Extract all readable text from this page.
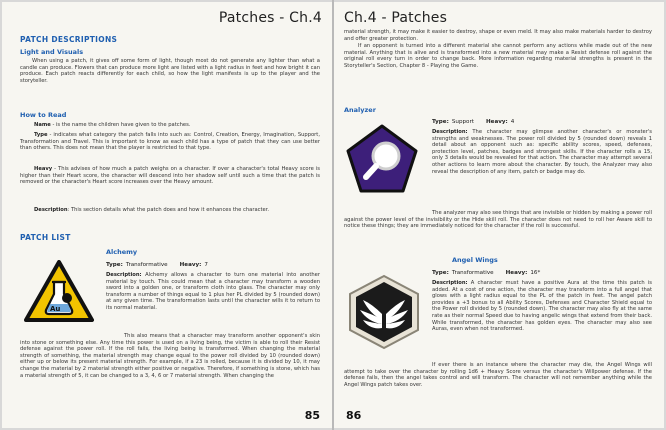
Patches - Ch.4
PATCH DESCRIPTIONS
Light and Visuals
When using a patch, it gives off some form of light, though most do not generate any lighter than what a candle can produce. Flowers that can produce more light are listed with a light radius in feet and how bright it can produce. Each patch reacts differently for each child, so how the light manifests is up to the player and the storyteller.
How to Read
Name - is the name the children have given to the patches.
Type - indicates what category the patch falls into such as: Control, Creation, Energy, Imagination, Support, Transformation and Travel. This is important to know as each child has a type of patch that they can use better than others. This does not mean that the player is restricted to that type.
Heavy - This advises of how much a patch weighs on a character. If over a character's total Heavy score is higher than their Heart score, the character will descend into her shadow self until such a time that the patch is removed or the character's Heart score increases over the Heavy amount.
Description: This section details what the patch does and how it enhances the character.
PATCH LIST
Alchemy
Type: Transformative Heavy: 7
Au
Description: Alchemy allows a character to turn one material into another material by touch. This could mean that a character may transform a wooden sword into a golden one, or transform cloth into glass. The character may only transform a number of things equal to 1 plus her PL divided by 5 (rounded down) at any given time. The transformation lasts until the character wills it to return to its normal material.
This also means that a character may transform another opponent's skin into stone or something else. Any time this power is used on a living being, the victim is able to roll their Resist defense against the power roll. If the roll fails, the living being is transformed. When changing the material strength of something, the material strength may change equal to the power roll divided by 10 (rounded down) either up or below its present material strength. For example, if a 23 is rolled, because it is divided by 10, it may change the material by 2 material strength either positive or negative. Therefore, if something is stone, which has a material strength of 5, it can be changed to a 3, 4, 6 or 7 material strength. When changing the
85
Ch.4 - Patches
material strength, it may make it easier to destroy, shape or even meld. It may also make materials harder to destroy and offer greater protection.
If an opponent is turned into a different material she cannot perform any actions while made out of the new material. Anything that is alive and is transformed into a new material may make a Resist defense roll against the original roll every turn in order to change back. More information regarding material strengths is present in the Storyteller's Section, Chapter 8 - Playing the Game.
Analyzer
Type: Support Heavy: 4
Description: The character may glimpse another character's or monster's strengths and weaknesses. The power roll divided by 5 (rounded down) reveals 1 detail about an opponent such as: specific ability scores, speed, defenses, protection level, patches, badges and strongest skills. If the character rolls a 15, only 3 details would be revealed for that action. The character may attempt several other actions to learn more about the character. By touch, the Analyzer may also reveal the description of any item, patch or badge may do.
The analyzer may also see things that are invisible or hidden by making a power roll against the power level of the invisibility or the Hide skill roll. The character does not need to roll her Aware skill to notice these things; they are immediately noticed for the character if the roll is successful.
Angel Wings
Type: Transformative Heavy: 16*
Description: A character must have a positive Aura at the time this patch is added. At a cost of one action, the character may transform into a full angel that glows with a light radius equal to the PL of the patch in feet. The angel patch provides a +3 bonus to all Ability Scores, Defenses and Character Shield equal to the Power roll divided by 5 (rounded down). The character may also fly at the same rate as their normal Speed due to having angelic wings that extend from their back. While transformed, the character has golden eyes. The character may also see Auras, even when not transformed.
If ever there is an instance where the character may die, the Angel Wings will attempt to take over the character by rolling 1d6 + Heavy Score versus the character's Willpower defense. If the defense fails, then the angel takes control and will transform. The character will not remember anything while the Angel Wings patch takes over.
86
